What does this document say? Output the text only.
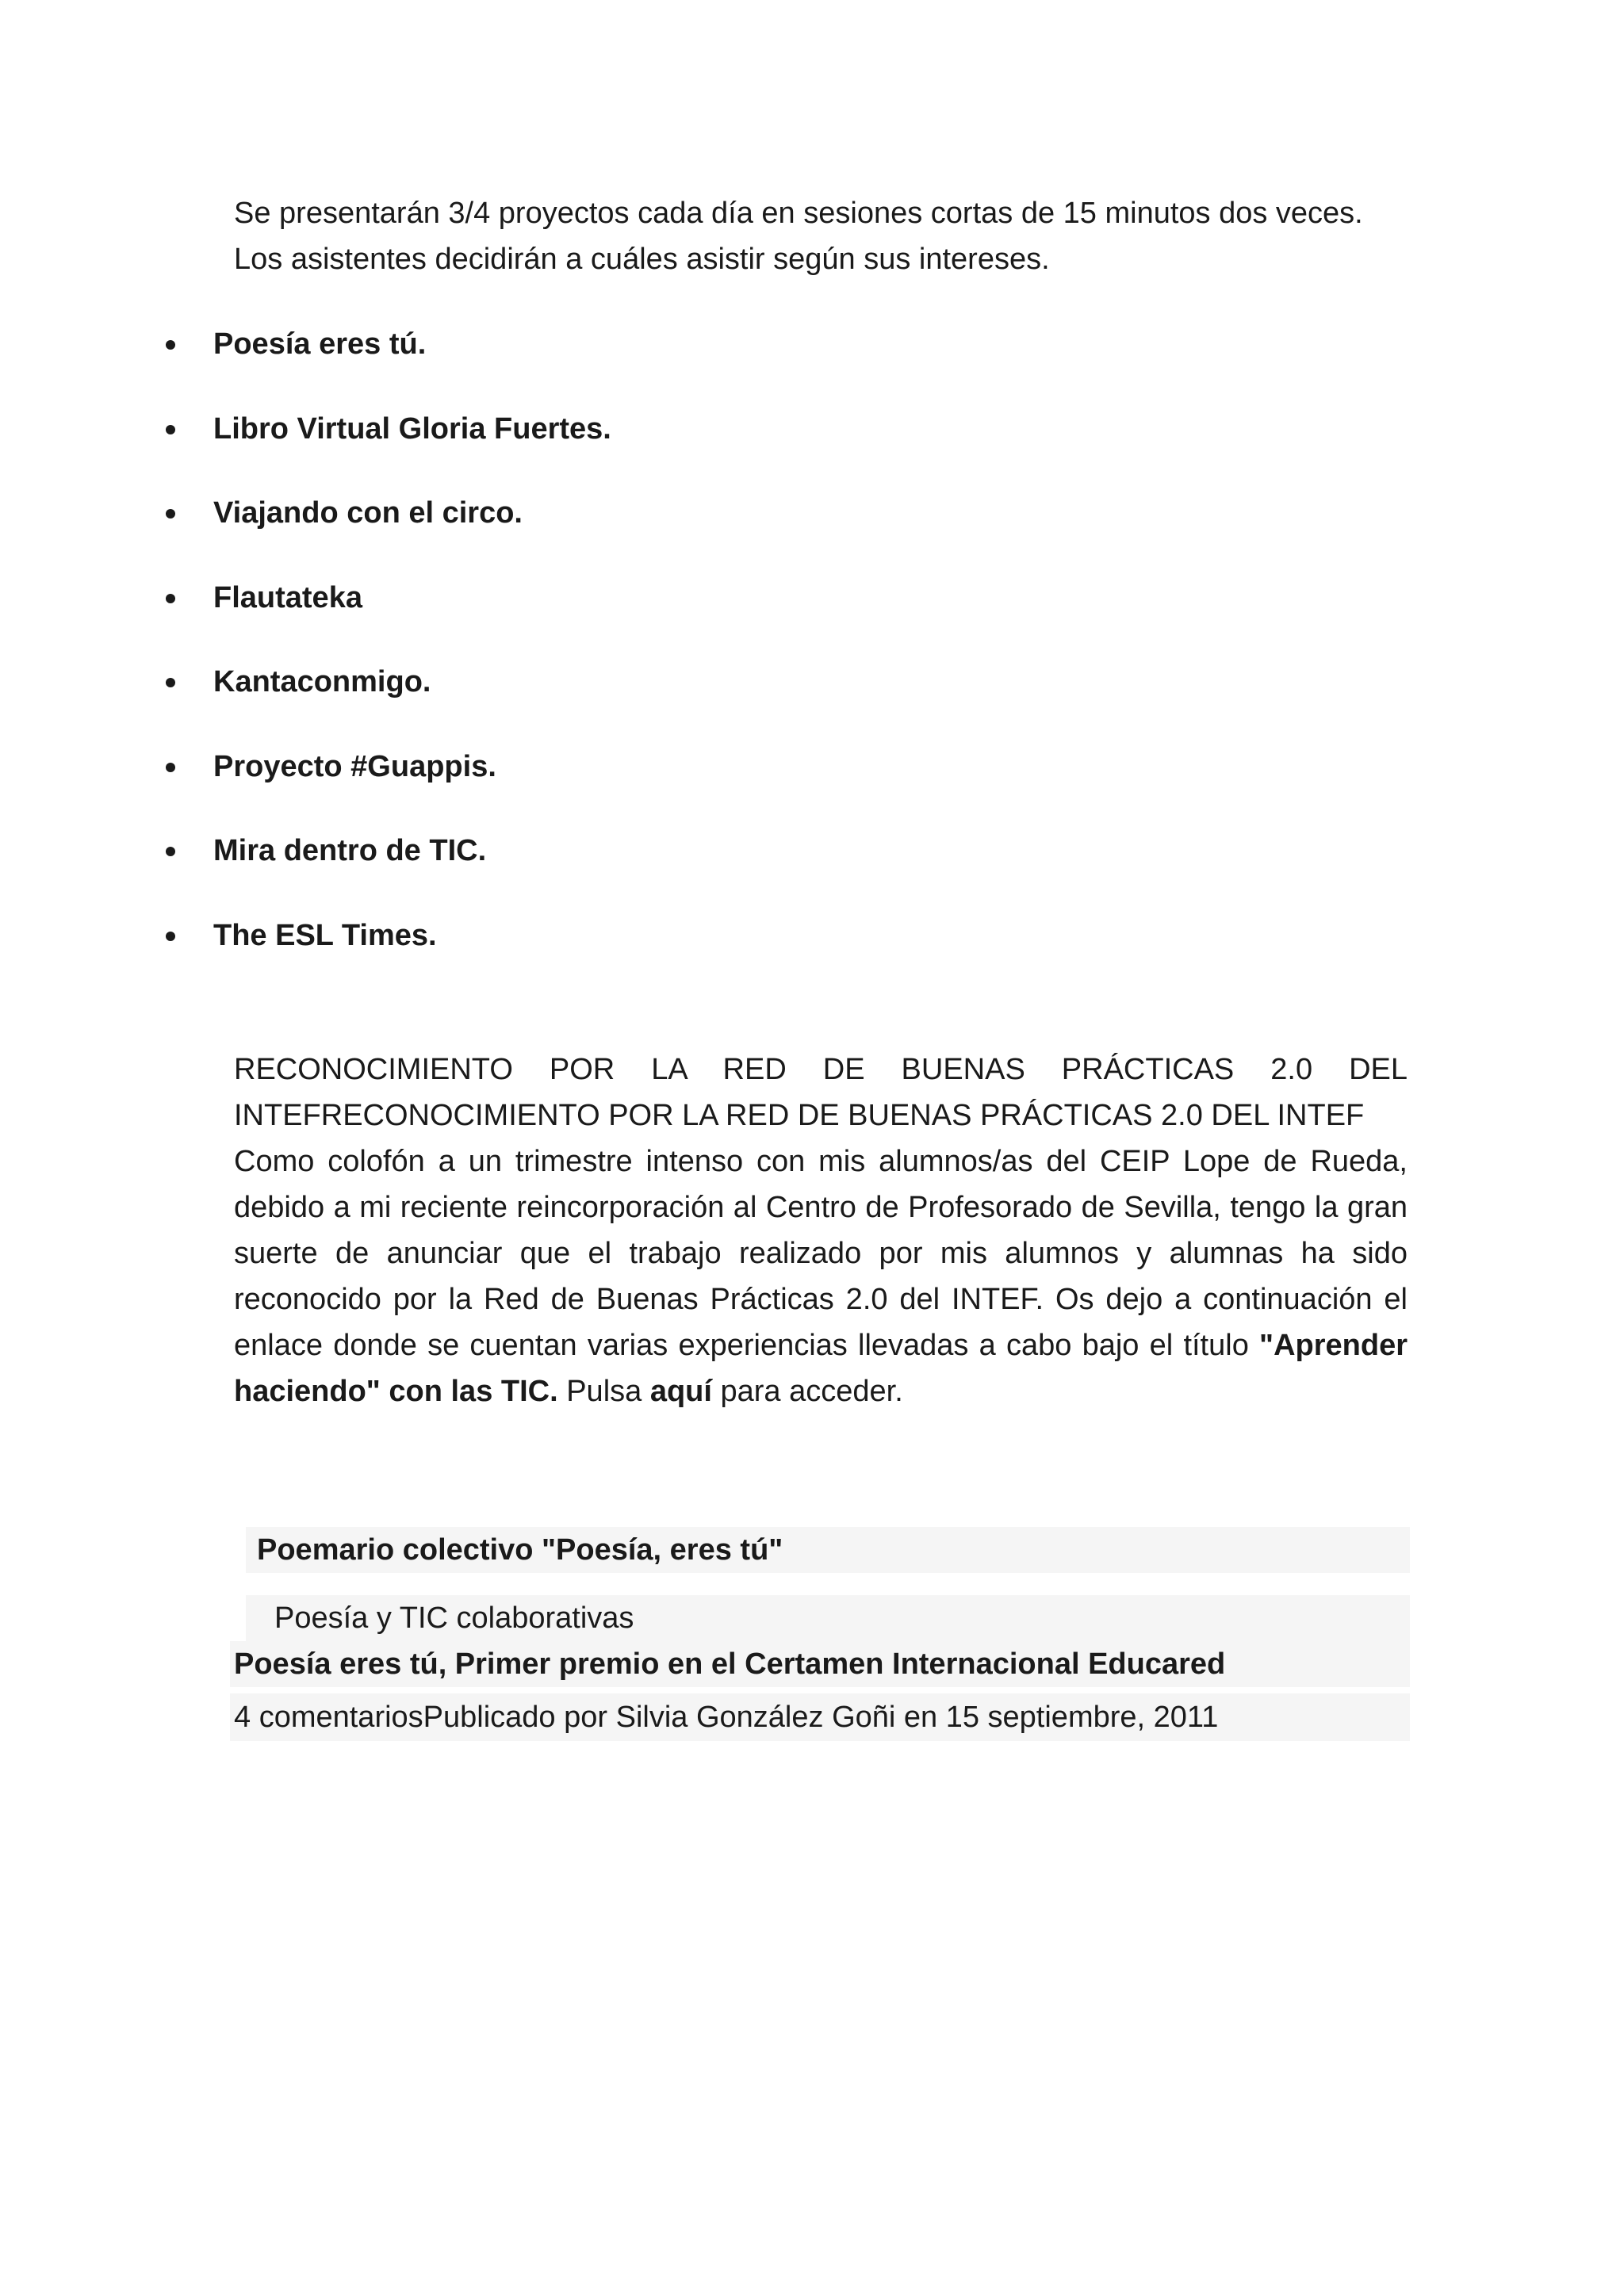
Se presentarán 3/4 proyectos cada día en sesiones cortas de 15 minutos dos veces. Los asistentes decidirán a cuáles asistir según sus intereses.

Poesía eres tú.
Libro Virtual Gloria Fuertes.
Viajando con el circo.
Flautateka
Kantaconmigo.
Proyecto #Guappis.
Mira dentro de TIC.
The ESL Times.
RECONOCIMIENTO POR LA RED DE BUENAS PRÁCTICAS 2.0 DEL INTEFRECONOCIMIENTO POR LA RED DE BUENAS PRÁCTICAS 2.0 DEL INTEF
Como colofón a un trimestre intenso con mis alumnos/as del CEIP Lope de Rueda, debido a mi reciente reincorporación al Centro de Profesorado de Sevilla, tengo la gran suerte de anunciar que el trabajo realizado por mis alumnos y alumnas ha sido reconocido por la Red de Buenas Prácticas 2.0 del INTEF. Os dejo a continuación el enlace donde se cuentan varias experiencias llevadas a cabo bajo el título "Aprender haciendo" con las TIC. Pulsa aquí para acceder.

Poemario colectivo "Poesía, eres tú"

Poesía y TIC colaborativas

Poesía eres tú, Primer premio en el Certamen Internacional Educared

4 comentariosPublicado por Silvia González Goñi en 15 septiembre, 2011
